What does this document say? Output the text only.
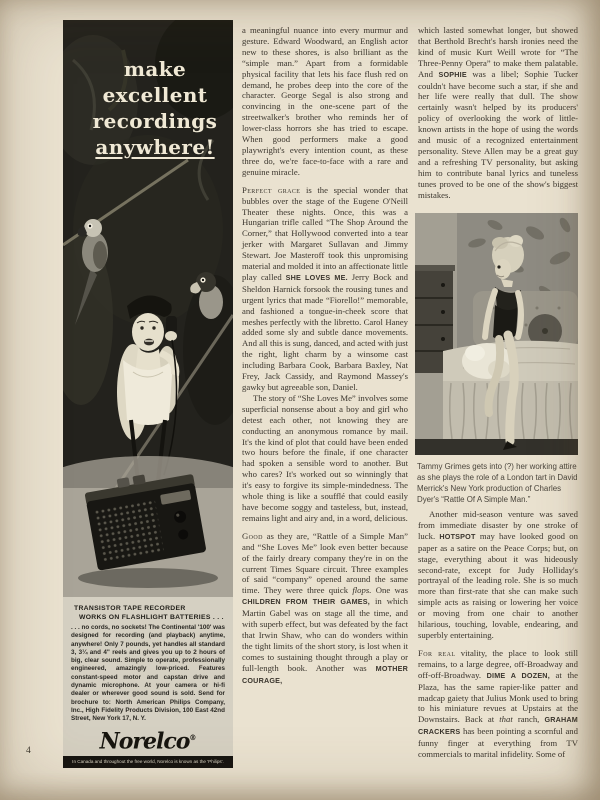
make
excellent
recordings
anywhere!
TRANSISTOR TAPE RECORDER
WORKS ON FLASHLIGHT BATTERIES . . .
. . . no cords, no sockets! The Continental '100' was designed for recording (and playback) anytime, anywhere! Only 7 pounds, yet handles all standard 3, 3¼ and 4" reels and gives you up to 2 hours of big, clear sound. Simple to operate, professionally engineered, amazingly low-priced. Features constant-speed motor and capstan drive and dynamic microphone. At your camera or hi-fi dealer or wherever good sound is sold. Send for brochure to: North American Philips Company, Inc., High Fidelity Products Division, 100 East 42nd Street, New York 17, N. Y.
Norelco®
In Canada and throughout the free world, Norelco is known as the 'Philips'.

a meaningful nuance into every murmur and gesture. Edward Woodward, an English actor new to these shores, is also brilliant as the “simple man.” Apart from a formidable physical facility that lets his face flush red on demand, he probes deep into the core of the character. George Segal is also strong and convincing in the one-scene part of the streetwalker's brother who reminds her of lower-class horrors she has tried to escape. When good performers make a good playwright's every intention count, as these three do, we're face-to-face with a rare and genuine miracle.

Perfect grace is the special wonder that bubbles over the stage of the Eugene O'Neill Theater these nights. Once, this was a Hungarian trifle called “The Shop Around the Corner,” that Hollywood converted into a tear jerker with Margaret Sullavan and Jimmy Stewart. Joe Masteroff took this unpromising material and molded it into an affectionate little play called SHE LOVES ME. Jerry Bock and Sheldon Harnick forsook the rousing tunes and urgent lyrics that made “Fiorello!” memorable, and fashioned a tongue-in-cheek score that meshes perfectly with the libretto. Carol Haney added some sly and subtle dance movements. And all this is sung, danced, and acted with just the right, light charm by a winsome cast including Barbara Cook, Barbara Baxley, Nat Frey, Jack Cassidy, and Raymond Massey's gawky but agreeable son, Daniel.

The story of “She Loves Me” involves some superficial nonsense about a boy and girl who detest each other, not knowing they are conducting an anonymous romance by mail. It's the kind of plot that could have been ended two hours before the finale, if one character had spoken a sensible word to another. But who cares? It's worked out so winningly that it's easy to forgive its simple-mindedness. The whole thing is like a soufflé that could easily have become soggy and tasteless, but, instead, remains light and airy and, in a word, delicious.

Good as they are, “Rattle of a Simple Man” and “She Loves Me” look even better because of the fairly dreary company they're in on the current Times Square circuit. Three examples of said “company” opened around the same time. They were three quick flops. One was CHILDREN FROM THEIR GAMES, in which Martin Gabel was on stage all the time, and with superb effect, but was defeated by the fact that Irwin Shaw, who can do wonders within the tight limits of the short story, is lost when it comes to sustaining thought through a play or full-length book. Another was MOTHER COURAGE,

which lasted somewhat longer, but showed that Berthold Brecht's harsh ironies need the kind of music Kurt Weill wrote for “The Three-Penny Opera” to make them palatable. And SOPHIE was a libel; Sophie Tucker couldn't have become such a star, if she and her life were really that dull. The show certainly wasn't helped by its producers' policy of overlooking the work of little-known artists in the hope of using the words and music of a recognized entertainment personality. Steve Allen may be a great guy and a refreshing TV personality, but asking him to contribute banal lyrics and tuneless tunes proved to be one of the show's biggest mistakes.

Tammy Grimes gets into (?) her working attire as she plays the role of a London tart in David Merrick's New York production of Charles Dyer's “Rattle Of A Simple Man.”

Another mid-season venture was saved from immediate disaster by one stroke of luck. HOTSPOT may have looked good on paper as a satire on the Peace Corps; but, on stage, everything about it was hideously second-rate, except for Judy Holliday's portrayal of the leading role. She is so much more than first-rate that she can make such simple acts as raising or lowering her voice or moving from one chair to another hilarious, touching, lovable, endearing, and superbly entertaining.

For real vitality, the place to look still remains, to a large degree, off-Broadway and off-off-Broadway. DIME A DOZEN, at the Plaza, has the same rapier-like patter and madcap gaiety that Julius Monk used to bring to his miniature revues at Upstairs at the Downstairs. Back at that ranch, GRAHAM CRACKERS has been pointing a scornful and funny finger at everything from TV commercials to marital infidelity. Some of

4
